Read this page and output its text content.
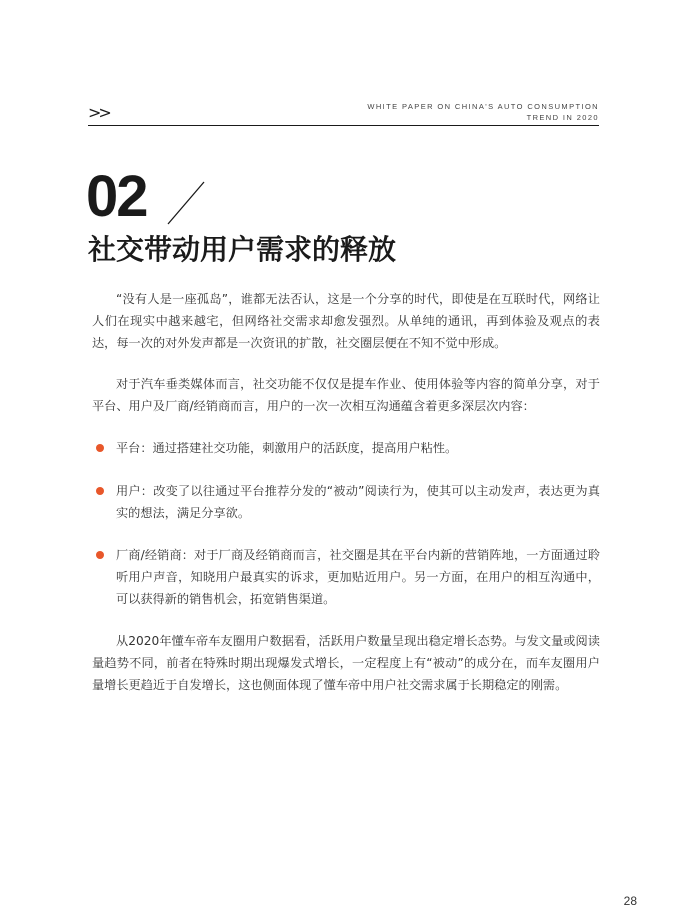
>>	WHITE PAPER ON CHINA'S AUTO CONSUMPTION
TREND IN 2020
02
社交带动用户需求的释放

“没有人是一座孤岛”，谁都无法否认，这是一个分享的时代，即使是在互联时代，网络让人们在现实中越来越宅，但网络社交需求却愈发强烈。从单纯的通讯，再到体验及观点的表达，每一次的对外发声都是一次资讯的扩散，社交圈层便在不知不觉中形成。

对于汽车垂类媒体而言，社交功能不仅仅是提车作业、使用体验等内容的简单分享，对于平台、用户及厂商/经销商而言，用户的一次一次相互沟通蕴含着更多深层次内容：

平台：通过搭建社交功能，刺激用户的活跃度，提高用户粘性。
用户：改变了以往通过平台推荐分发的“被动”阅读行为，使其可以主动发声，表达更为真实的想法，满足分享欲。
厂商/经销商：对于厂商及经销商而言，社交圈是其在平台内新的营销阵地，一方面通过聆听用户声音，知晓用户最真实的诉求，更加贴近用户。另一方面，在用户的相互沟通中，可以获得新的销售机会，拓宽销售渠道。

从2020年懂车帝车友圈用户数据看，活跃用户数量呈现出稳定增长态势。与发文量或阅读量趋势不同，前者在特殊时期出现爆发式增长，一定程度上有“被动”的成分在，而车友圈用户量增长更趋近于自发增长，这也侧面体现了懂车帝中用户社交需求属于长期稳定的刚需。

28
